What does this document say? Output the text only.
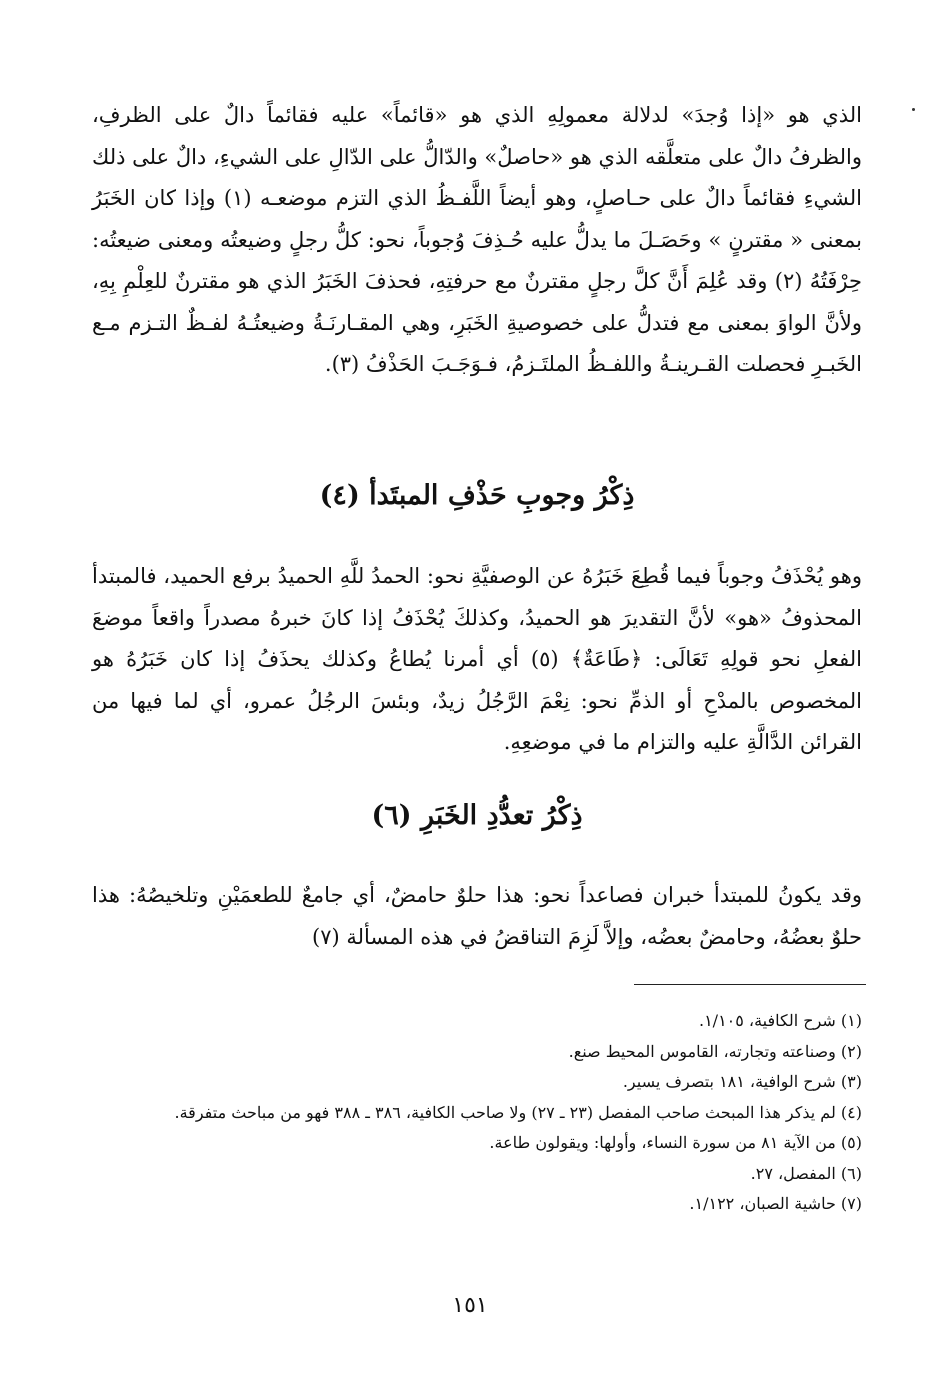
الذي هو «إذا وُجدَ» لدلالة معمولِهِ الذي هو «قائماً» عليه فقائماً دالٌ على الظرفِ، والظرفُ دالٌ على متعلَّقه الذي هو «حاصلٌ» والدّالُّ على الدّالِ على الشيءِ، دالٌ على ذلك الشيءِ فقائماً دالٌ على حـاصلٍ، وهو أيضاً اللَّفـظُ الذي التزم موضعـه (١) وإذا كان الخَبَرُ بمعنى « مقترنٍ » وحَصَـلَ ما يدلُّ عليه حُـذِفَ وُجوباً، نحو: كلُّ رجلٍ وضيعتُه ومعنى ضيعتُه: حِرْفَتُهُ (٢) وقد عُلِمَ أَنَّ كلَّ رجلٍ مقترنٌ مع حرفتِهِ، فحذفَ الخَبَرُ الذي هو مقترنٌ للعِلْمِ بِهِ، ولأنَّ الواوَ بمعنى مع فتدلُّ على خصوصيةِ الخَبَرِ، وهي المقـارنَـةُ وضيعتُـهُ لفـظٌ التـزم مـع الخَبـرِ فحصلت القـرينـةُ واللفـظُ الملتَـزمُ، فـوَجَـبَ الحَذْفُ (٣).

ذِكْرُ وجوبِ حَذْفِ المبتَدأ (٤)

وهو يُحْذَفُ وجوباً فيما قُطِعَ خَبَرُهُ عن الوصفيَّةِ نحو: الحمدُ للَّهِ الحميدُ برفع الحميد، فالمبتدأ المحذوفُ «هو» لأنَّ التقديرَ هو الحميدُ، وكذلكَ يُحْذَفُ إذا كانَ خبرهُ مصدراً واقعاً موضعَ الفعلِ نحو قولِهِ تَعَالَى: ﴿طَاعَةٌ﴾ (٥) أي أمرنا يُطاعُ وكذلك يحذَفُ إذا كان خَبَرُهُ هو المخصوص بالمدْحِ أو الذمِّ نحو: نِعْمَ الرَّجُلُ زيدٌ، وبئسَ الرجُلُ عمرو، أي لما فيها من القرائن الدَّالَّةِ عليه والتزام ما في موضعِهِ.

ذِكْرُ تعدُّدِ الخَبَرِ (٦)

وقد يكونُ للمبتدأ خبران فصاعداً نحو: هذا حلوٌ حامضٌ، أي جامعٌ للطعمَيْنِ وتلخيصُهُ: هذا حلوٌ بعضُهُ، وحامضٌ بعضُه، وإلاَّ لَزِمَ التناقضُ في هذه المسألة (٧)

(١) شرح الكافية، ١/١٠٥.
(٢) وصناعته وتجارته، القاموس المحيط صنع.
(٣) شرح الوافية، ١٨١ بتصرف يسير.
(٤) لم يذكر هذا المبحث صاحب المفصل (٢٣ ـ ٢٧) ولا صاحب الكافية، ٣٨٦ ـ ٣٨٨ فهو من مباحث متفرقة.
(٥) من الآية ٨١ من سورة النساء، وأولها: ويقولون طاعة.
(٦) المفصل، ٢٧.
(٧) حاشية الصبان، ١/١٢٢.
١٥١
